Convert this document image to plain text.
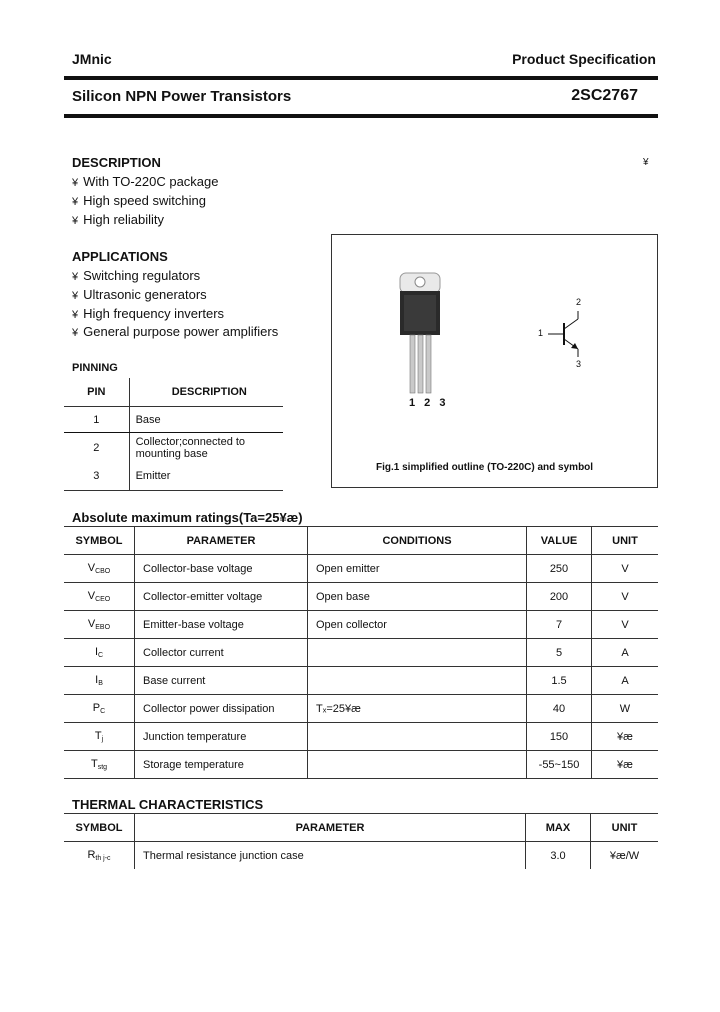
JMnic	Product Specification
Silicon NPN Power Transistors	2SC2767
DESCRIPTION	¥
¥ With TO-220C package
¥ High speed switching
¥ High reliability
APPLICATIONS
¥ Switching regulators
¥ Ultrasonic generators
¥ High frequency inverters
¥ General purpose power amplifiers
PINNING
PIN	DESCRIPTION
1	Base
2	Collector;connected to mounting base
3	Emitter
1 2 3
1
2
3
Fig.1 simplified outline (TO-220C) and symbol
Absolute maximum ratings(Ta=25¥æ)
SYMBOL	PARAMETER	CONDITIONS	VALUE	UNIT
$V_{CBO}$	Collector-base voltage	Open emitter	250	V
$V_{CEO}$	Collector-emitter voltage	Open base	200	V
$V_{EBO}$	Emitter-base voltage	Open collector	7	V
$I_C$	Collector current		5	A
$I_B$	Base current		1.5	A
$P_C$	Collector power dissipation	Tₓ=25¥æ	40	W
$T_j$	Junction temperature		150	¥æ
$T_{stg}$	Storage temperature		-55~150	¥æ
THERMAL CHARACTERISTICS
SYMBOL	PARAMETER	MAX	UNIT
$R_{th j-c}$	Thermal resistance junction case	3.0	¥æ/W
